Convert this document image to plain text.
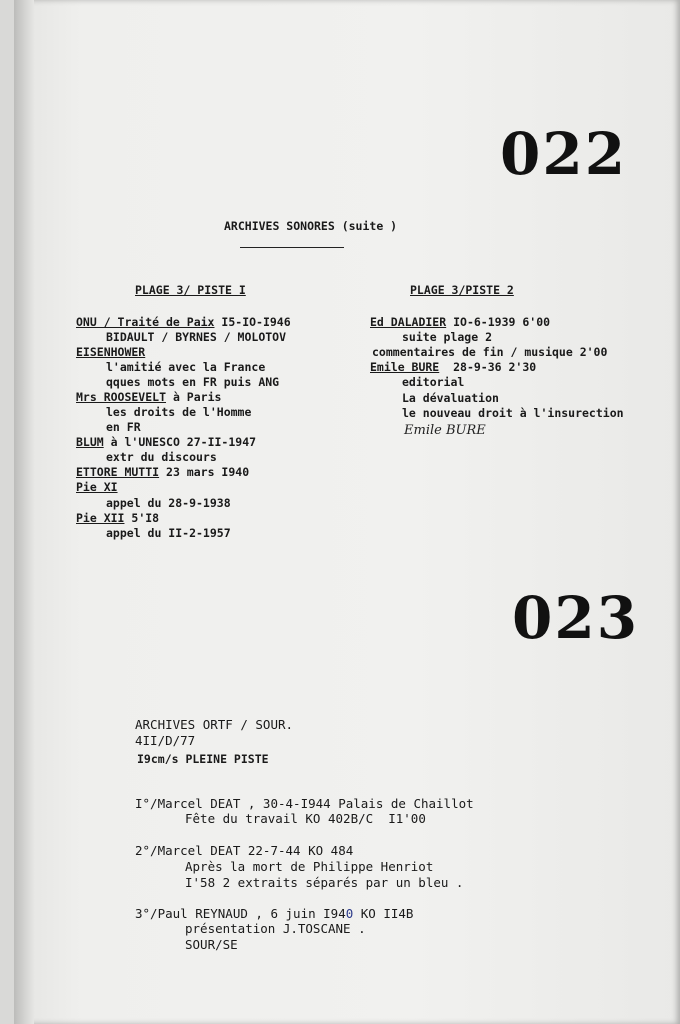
022
023
ARCHIVES SONORES (suite )
PLAGE 3/ PISTE I
ONU / Traité de Paix I5-IO-I946
BIDAULT / BYRNES / MOLOTOV
EISENHOWER
l'amitié avec la France
qques mots en FR puis ANG
Mrs ROOSEVELT à Paris
les droits de l'Homme
en FR
BLUM à l'UNESCO 27-II-1947
extr du discours
ETTORE MUTTI 23 mars I940
Pie XI
appel du 28-9-1938
Pie XII 5'I8
appel du II-2-1957
PLAGE 3/PISTE 2
Ed DALADIER IO-6-1939 6'00
suite plage 2
commentaires de fin / musique 2'00
Emile BURE 28-9-36 2'30
editorial
La dévaluation
le nouveau droit à l'insurection
Emile BURE
ARCHIVES ORTF / SOUR.
4II/D/77
I9cm/s PLEINE PISTE
I°/Marcel DEAT , 30-4-I944 Palais de Chaillot
Fête du travail KO 402B/C I1'00
2°/Marcel DEAT 22-7-44 KO 484
Après la mort de Philippe Henriot
I'58 2 extraits séparés par un bleu .
3°/Paul REYNAUD , 6 juin I940 KO II4B
présentation J.TOSCANE .
SOUR/SE
